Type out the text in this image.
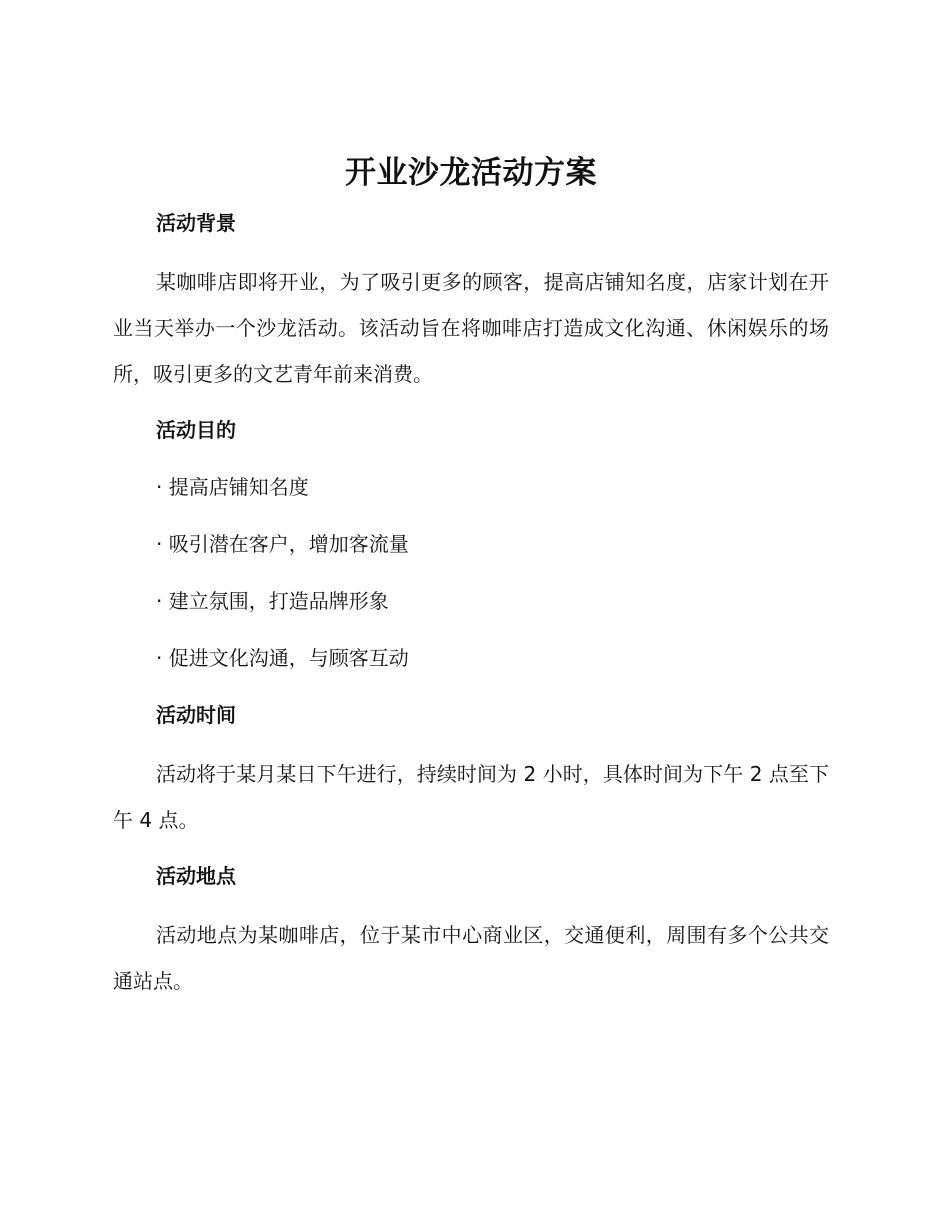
开业沙龙活动方案
活动背景

某咖啡店即将开业，为了吸引更多的顾客，提高店铺知名度，店家计划在开业当天举办一个沙龙活动。该活动旨在将咖啡店打造成文化沟通、休闲娱乐的场所，吸引更多的文艺青年前来消费。

活动目的
· 提高店铺知名度
· 吸引潜在客户，增加客流量
· 建立氛围，打造品牌形象
· 促进文化沟通，与顾客互动
活动时间

活动将于某月某日下午进行，持续时间为 2 小时，具体时间为下午 2 点至下午 4 点。

活动地点

活动地点为某咖啡店，位于某市中心商业区，交通便利，周围有多个公共交通站点。
